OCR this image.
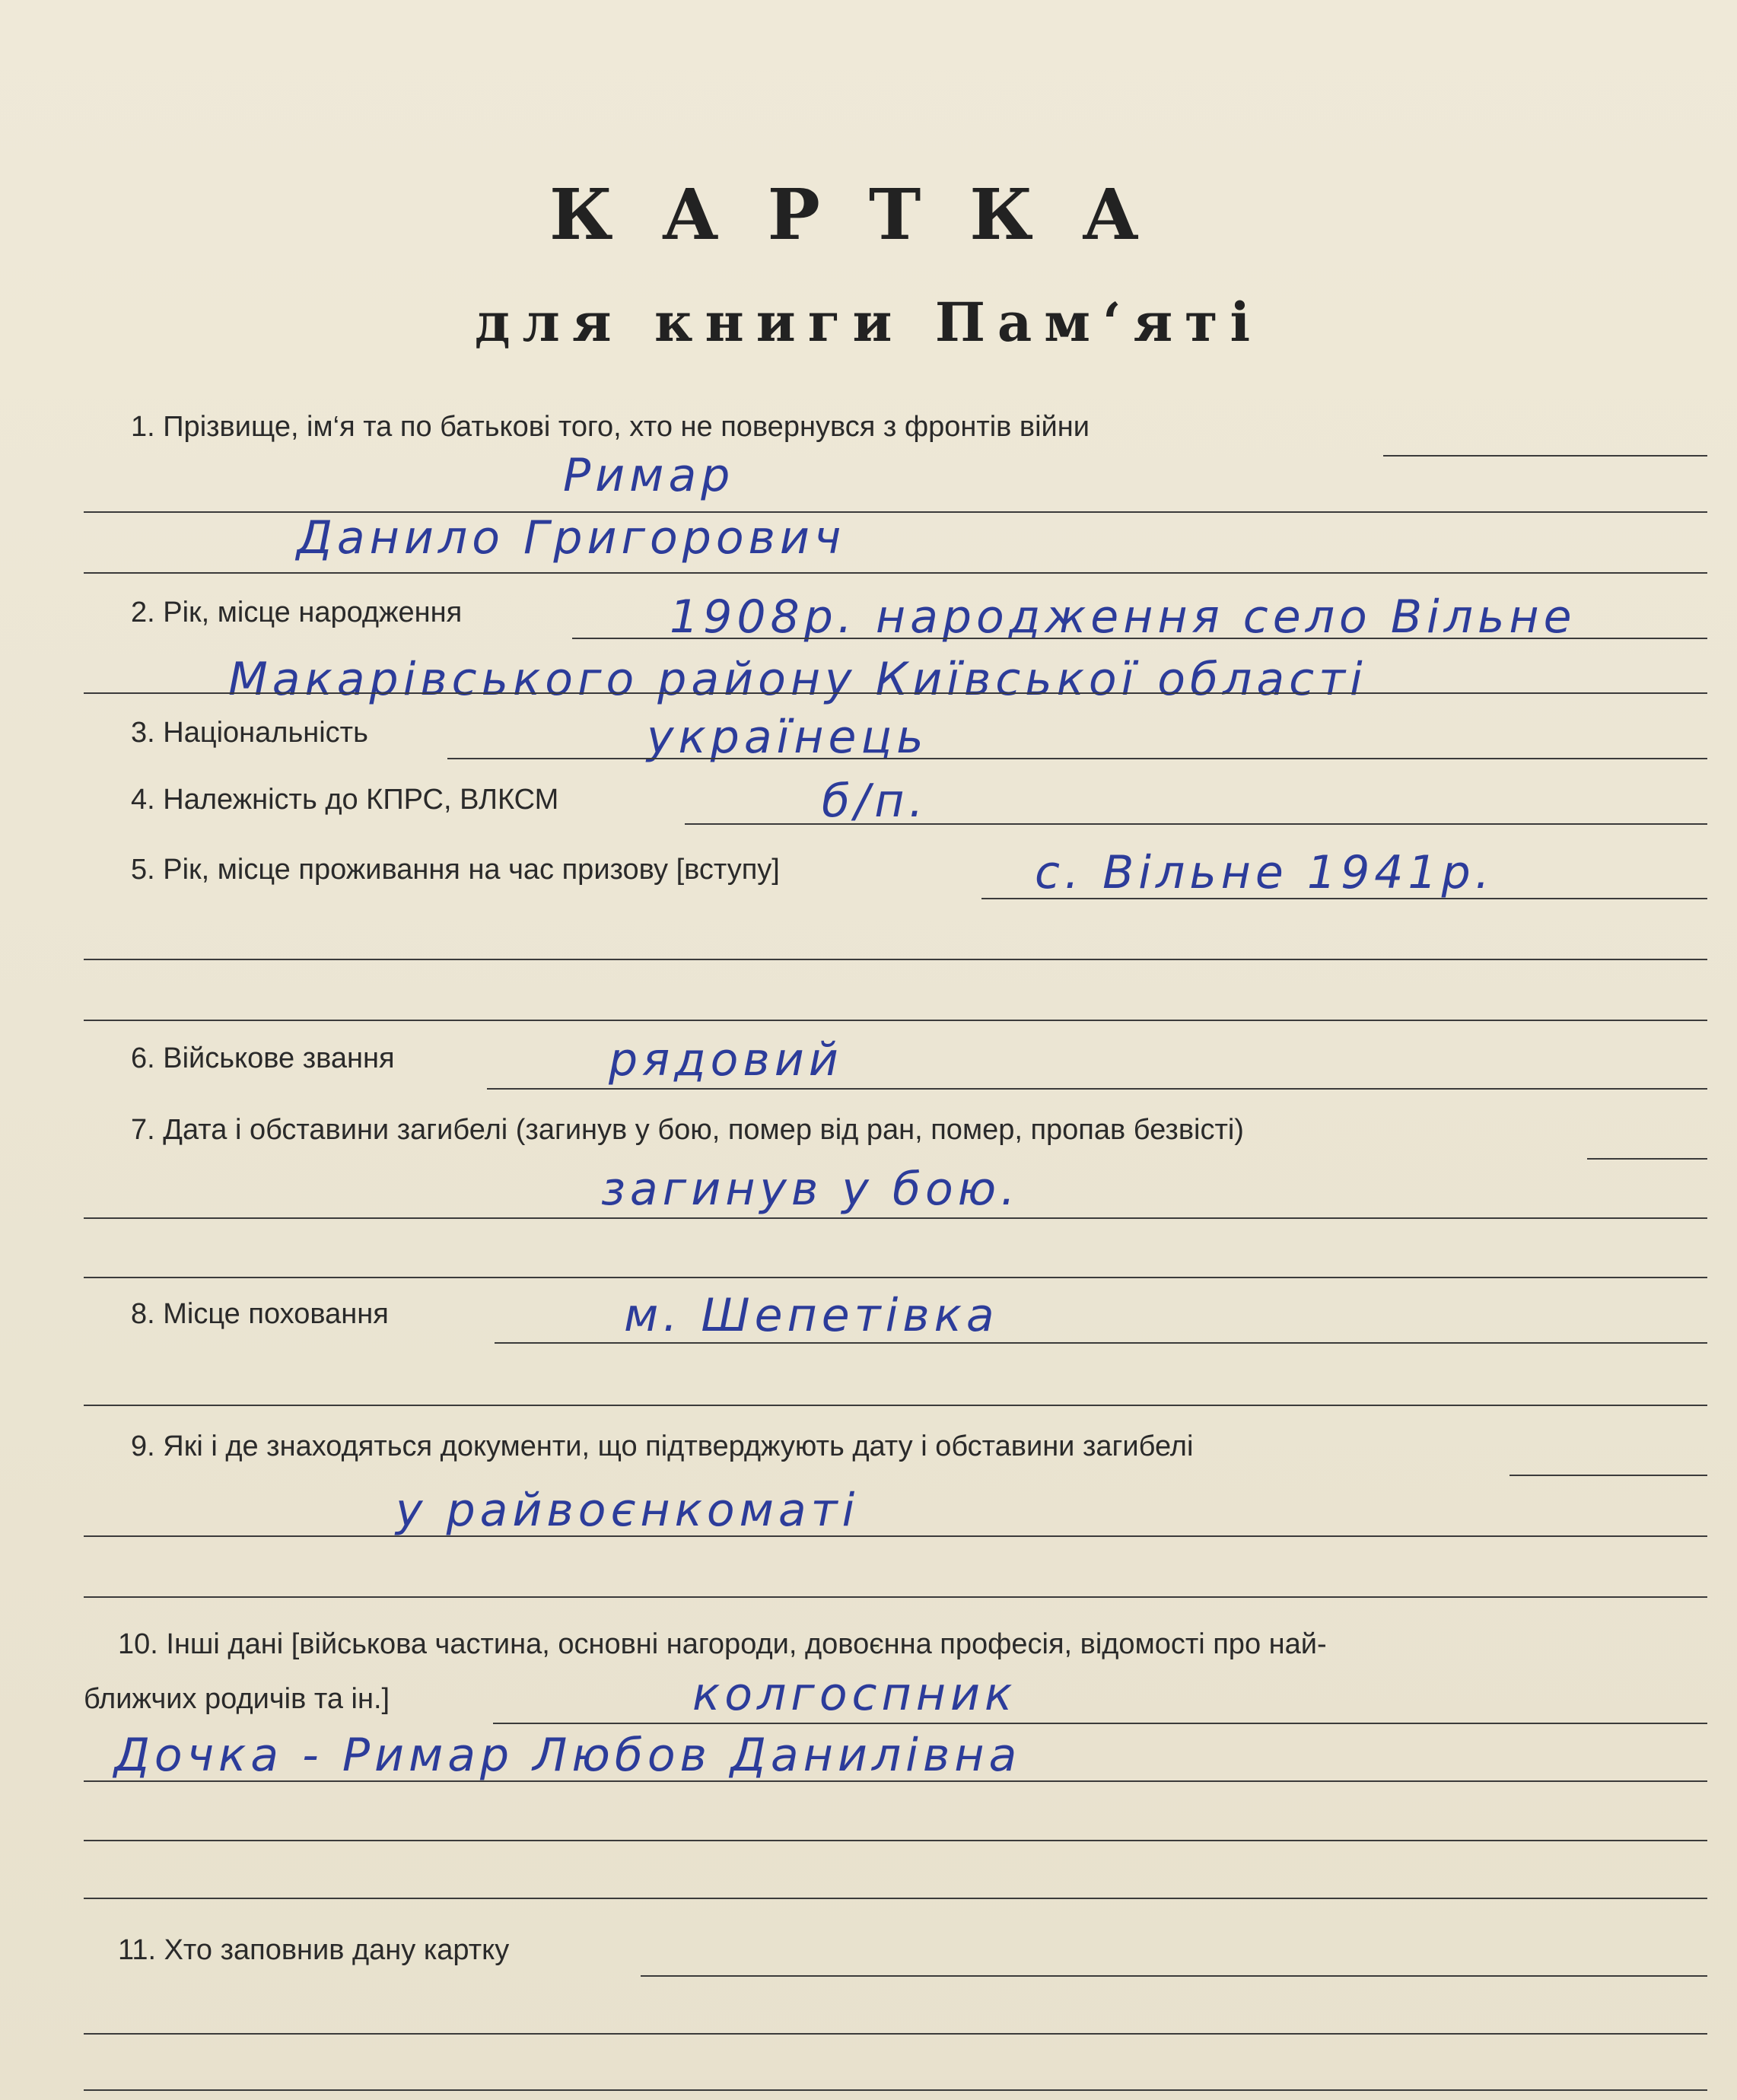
КАРТКА
для книги Пам‘яті
1. Прізвище, ім‘я та по батькові того, хто не повернувся з фронтів війни
Римар
Данило Григорович
2. Рік, місце народження	1908р. народження село Вільне
Макарівського району Київської області
3. Національність	українець
4. Належність до КПРС, ВЛКСМ	б/п.
5. Рік, місце проживання на час призову [вступу]	с. Вільне 1941р.
6. Військове звання	рядовий
7. Дата і обставини загибелі (загинув у бою, помер від ран, помер, пропав безвісті)
загинув у бою.
8. Місце поховання	м. Шепетівка
9. Які і де знаходяться документи, що підтверджують дату і обставини загибелі
у райвоєнкоматі
10. Інші дані [військова частина, основні нагороди, довоєнна професія, відомості про най-
ближчих родичів та ін.]	колгоспник
Дочка - Римар Любов Данилівна
11. Хто заповнив дану картку
